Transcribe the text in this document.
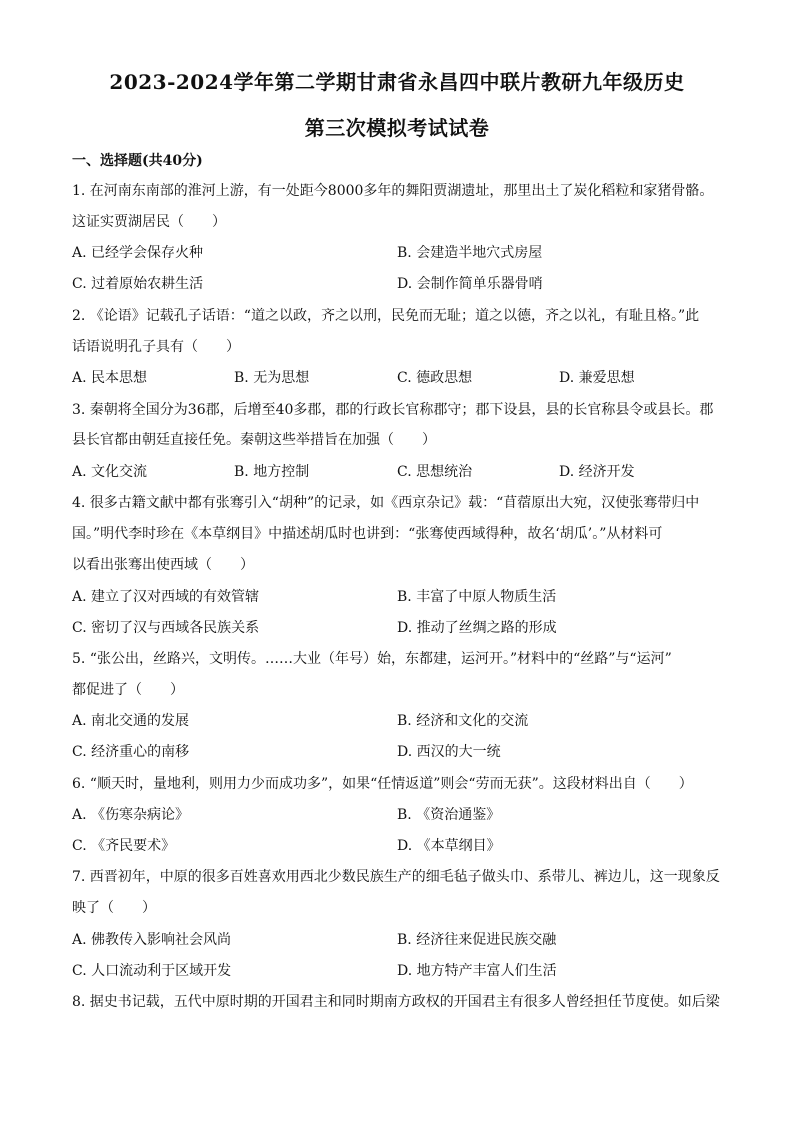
2023-2024学年第二学期甘肃省永昌四中联片教研九年级历史
第三次模拟考试试卷
一、选择题(共40分)
1. 在河南东南部的淮河上游，有一处距今8000多年的舞阳贾湖遗址，那里出土了炭化稻粒和家猪骨骼。
这证实贾湖居民（　　）
A. 已经学会保存火种	B. 会建造半地穴式房屋
C. 过着原始农耕生活	D. 会制作简单乐器骨哨
2. 《论语》记载孔子话语：“道之以政，齐之以刑，民免而无耻；道之以德，齐之以礼，有耻且格。”此
话语说明孔子具有（　　）
A. 民本思想	B. 无为思想	C. 德政思想	D. 兼爱思想
3. 秦朝将全国分为36郡，后增至40多郡，郡的行政长官称郡守；郡下设县，县的长官称县令或县长。郡
县长官都由朝廷直接任免。秦朝这些举措旨在加强（　　）
A. 文化交流	B. 地方控制	C. 思想统治	D. 经济开发
4. 很多古籍文献中都有张骞引入“胡种”的记录，如《西京杂记》载：“苜蓿原出大宛，汉使张骞带归中
国。”明代李时珍在《本草纲目》中描述胡瓜时也讲到：“张骞使西域得种，故名‘胡瓜’。”从材料可
以看出张骞出使西域（　　）
A. 建立了汉对西域的有效管辖	B. 丰富了中原人物质生活
C. 密切了汉与西域各民族关系	D. 推动了丝绸之路的形成
5. “张公出，丝路兴，文明传。……大业（年号）始，东都建，运河开。”材料中的“丝路”与“运河”
都促进了（　　）
A. 南北交通的发展	B. 经济和文化的交流
C. 经济重心的南移	D. 西汉的大一统
6. “顺天时，量地利，则用力少而成功多”，如果“任情返道”则会“劳而无获”。这段材料出自（　　）
A. 《伤寒杂病论》	B. 《资治通鉴》
C. 《齐民要术》	D. 《本草纲目》
7. 西晋初年，中原的很多百姓喜欢用西北少数民族生产的细毛毡子做头巾、系带儿、裤边儿，这一现象反
映了（　　）
A. 佛教传入影响社会风尚	B. 经济往来促进民族交融
C. 人口流动利于区域开发	D. 地方特产丰富人们生活
8. 据史书记载，五代中原时期的开国君主和同时期南方政权的开国君主有很多人曾经担任节度使。如后梁
